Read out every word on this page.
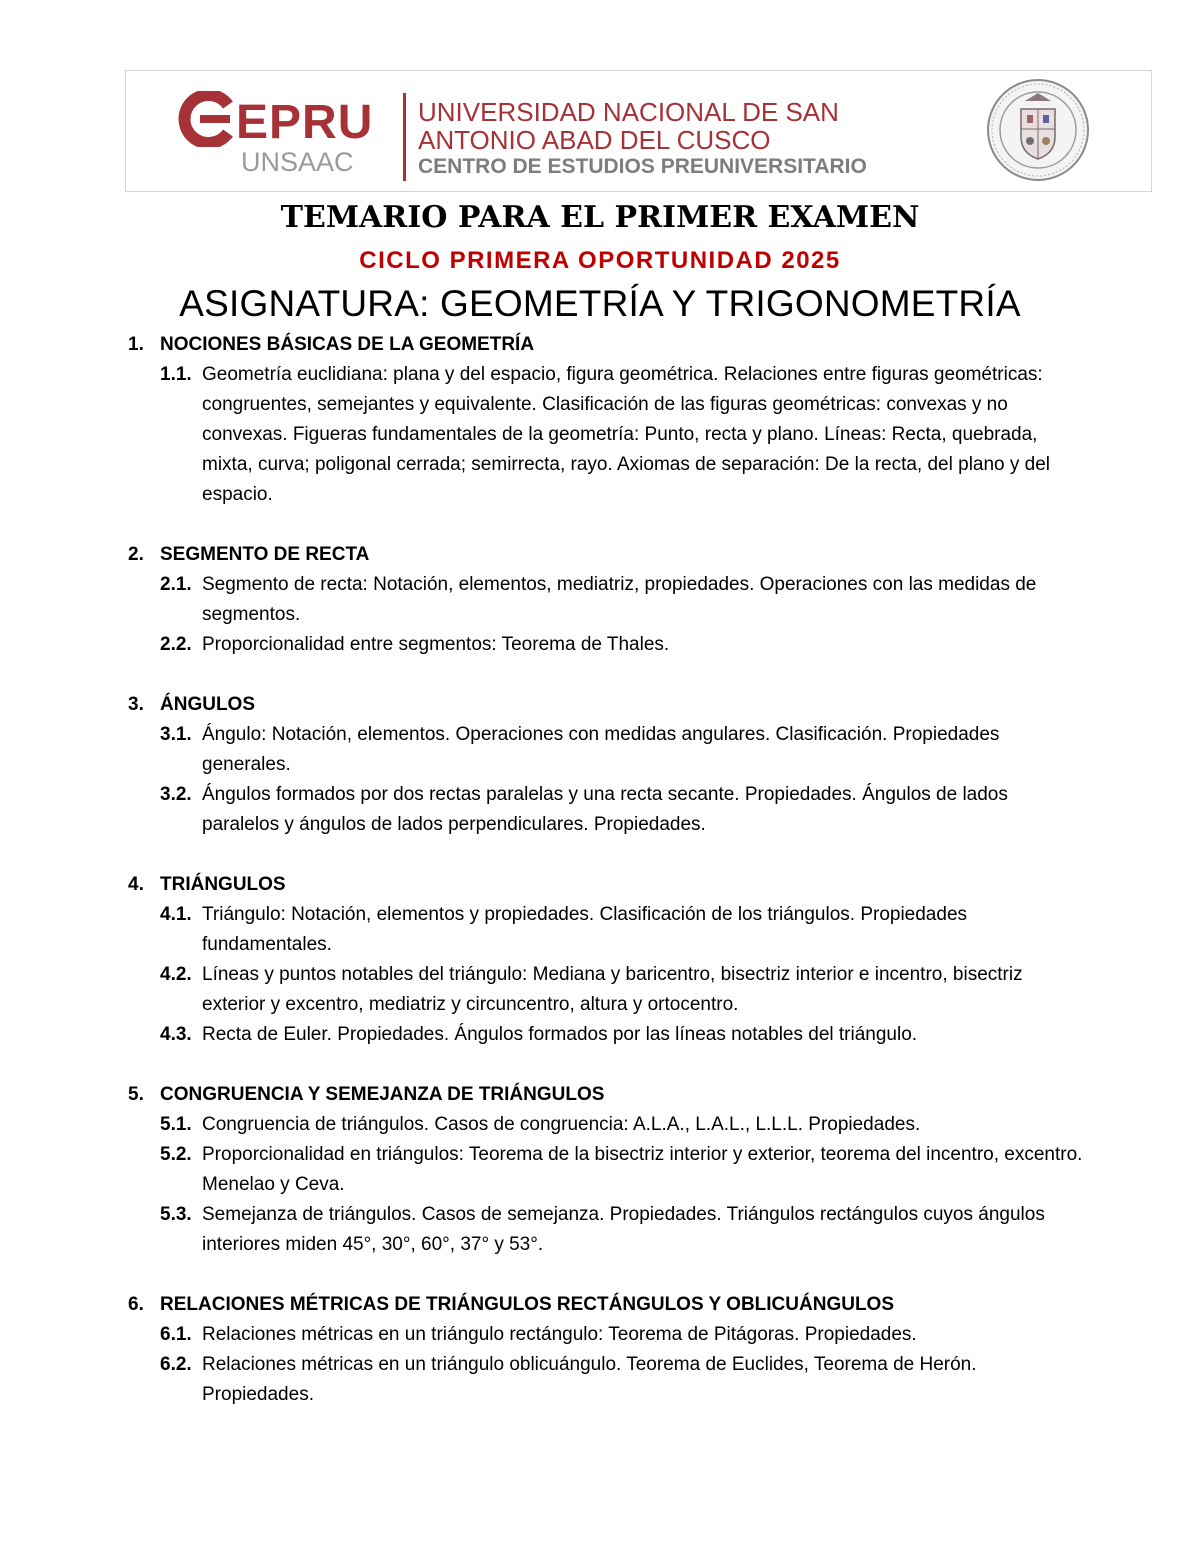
EPRU
UNSAAC
UNIVERSIDAD NACIONAL DE SAN
ANTONIO ABAD DEL CUSCO
CENTRO DE ESTUDIOS PREUNIVERSITARIO
TEMARIO PARA EL PRIMER EXAMEN
CICLO PRIMERA OPORTUNIDAD 2025
ASIGNATURA: GEOMETRÍA Y TRIGONOMETRÍA
1. NOCIONES BÁSICAS DE LA GEOMETRÍA
1.1. Geometría euclidiana: plana y del espacio, figura geométrica. Relaciones entre figuras geométricas: congruentes, semejantes y equivalente. Clasificación de las figuras geométricas: convexas y no convexas. Figueras fundamentales de la geometría: Punto, recta y plano. Líneas: Recta, quebrada, mixta, curva; poligonal cerrada; semirrecta, rayo. Axiomas de separación: De la recta, del plano y del espacio.
2. SEGMENTO DE RECTA
2.1. Segmento de recta: Notación, elementos, mediatriz, propiedades. Operaciones con las medidas de segmentos.
2.2. Proporcionalidad entre segmentos: Teorema de Thales.
3. ÁNGULOS
3.1. Ángulo: Notación, elementos. Operaciones con medidas angulares. Clasificación. Propiedades generales.
3.2. Ángulos formados por dos rectas paralelas y una recta secante. Propiedades. Ángulos de lados paralelos y ángulos de lados perpendiculares. Propiedades.
4. TRIÁNGULOS
4.1. Triángulo: Notación, elementos y propiedades. Clasificación de los triángulos. Propiedades fundamentales.
4.2. Líneas y puntos notables del triángulo: Mediana y baricentro, bisectriz interior e incentro, bisectriz exterior y excentro, mediatriz y circuncentro, altura y ortocentro.
4.3. Recta de Euler. Propiedades. Ángulos formados por las líneas notables del triángulo.
5. CONGRUENCIA Y SEMEJANZA DE TRIÁNGULOS
5.1. Congruencia de triángulos. Casos de congruencia: A.L.A., L.A.L., L.L.L. Propiedades.
5.2. Proporcionalidad en triángulos: Teorema de la bisectriz interior y exterior, teorema del incentro, excentro. Menelao y Ceva.
5.3. Semejanza de triángulos. Casos de semejanza. Propiedades. Triángulos rectángulos cuyos ángulos interiores miden 45°, 30°, 60°, 37° y 53°.
6. RELACIONES MÉTRICAS DE TRIÁNGULOS RECTÁNGULOS Y OBLICUÁNGULOS
6.1. Relaciones métricas en un triángulo rectángulo: Teorema de Pitágoras. Propiedades.
6.2. Relaciones métricas en un triángulo oblicuángulo. Teorema de Euclides, Teorema de Herón. Propiedades.
